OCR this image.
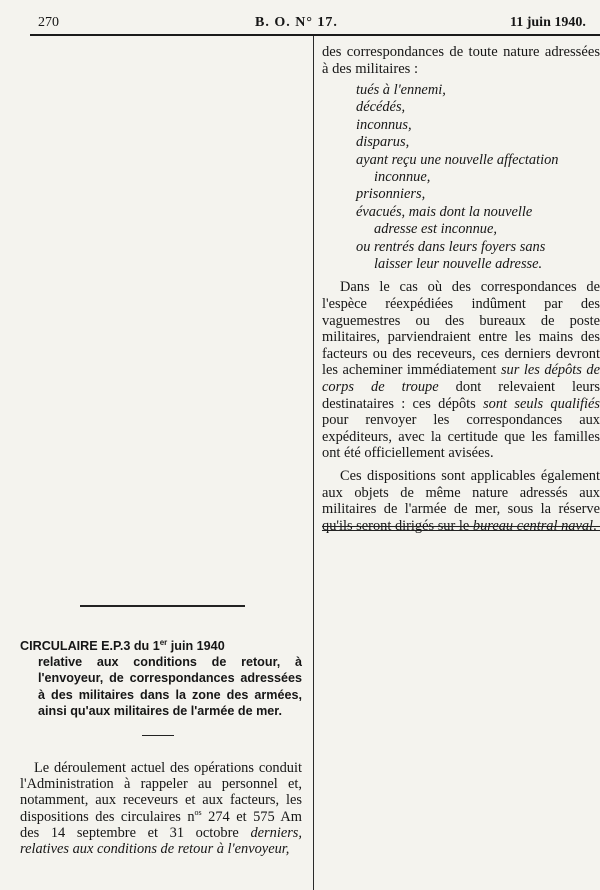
270	B. O. N° 17.	11 juin 1940.

des correspondances de toute nature adressées à des militaires :

tués à l'ennemi,
décédés,
inconnus,
disparus,
ayant reçu une nouvelle affectation
inconnue,
prisonniers,
évacués, mais dont la nouvelle
adresse est inconnue,
ou rentrés dans leurs foyers sans
laisser leur nouvelle adresse.

Dans le cas où des correspondances de l'espèce réexpédiées indûment par des vaguemestres ou des bureaux de poste militaires, parviendraient entre les mains des facteurs ou des receveurs, ces derniers devront les acheminer immédiatement sur les dépôts de corps de troupe dont relevaient leurs destinataires : ces dépôts sont seuls qualifiés pour renvoyer les correspondances aux expéditeurs, avec la certitude que les familles ont été officiellement avisées.

Ces dispositions sont applicables également aux objets de même nature adressés aux militaires de l'armée de mer, sous la réserve qu'ils seront dirigés sur le bureau central naval.

CIRCULAIRE E.P.3 du 1er juin 1940
relative aux conditions de retour, à l'envoyeur, de correspondances adressées à des militaires dans la zone des armées, ainsi qu'aux militaires de l'armée de mer.

Le déroulement actuel des opérations conduit l'Administration à rappeler au personnel et, notamment, aux receveurs et aux facteurs, les dispositions des circulaires $n^{os}$ 274 et 575 Am des 14 septembre et 31 octobre derniers, relatives aux conditions de retour à l'envoyeur,
